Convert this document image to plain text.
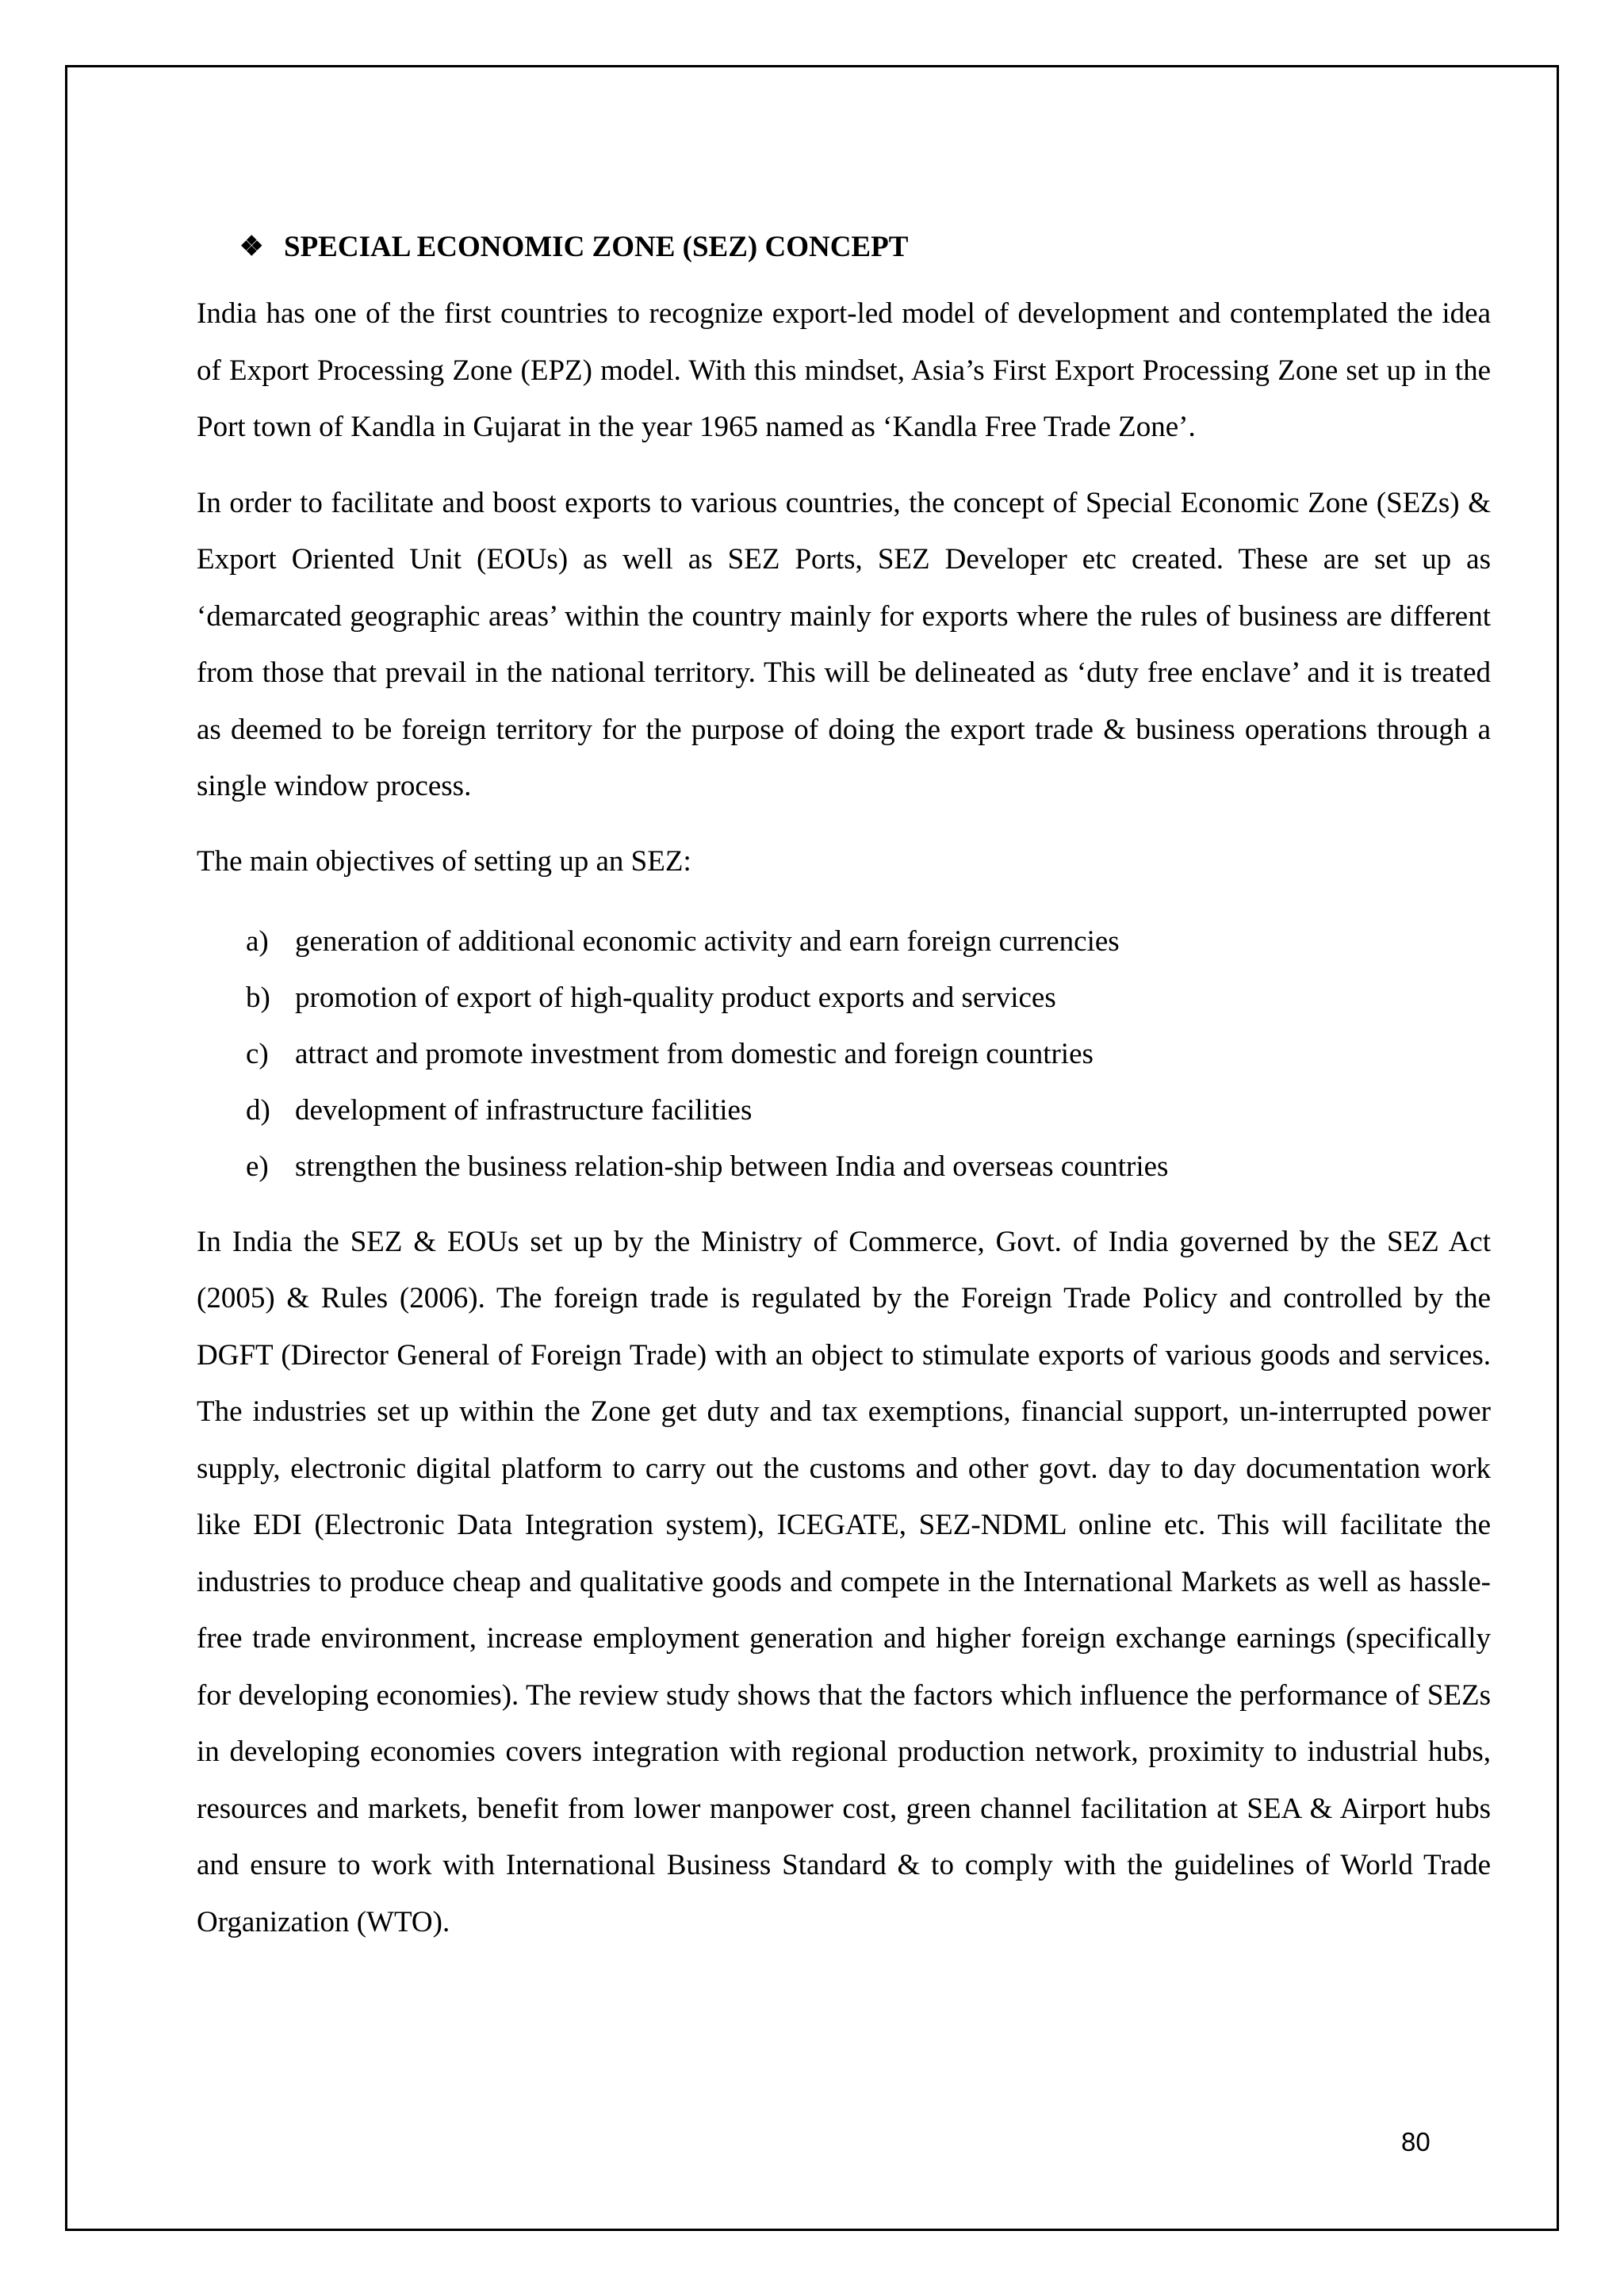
❖ SPECIAL ECONOMIC ZONE (SEZ) CONCEPT

India has one of the first countries to recognize export-led model of development and contemplated the idea of Export Processing Zone (EPZ) model. With this mindset, Asia’s First Export Processing Zone set up in the Port town of Kandla in Gujarat in the year 1965 named as ‘Kandla Free Trade Zone’.

In order to facilitate and boost exports to various countries, the concept of Special Economic Zone (SEZs) & Export Oriented Unit (EOUs) as well as SEZ Ports, SEZ Developer etc created. These are set up as ‘demarcated geographic areas’ within the country mainly for exports where the rules of business are different from those that prevail in the national territory. This will be delineated as ‘duty free enclave’ and it is treated as deemed to be foreign territory for the purpose of doing the export trade & business operations through a single window process.

The main objectives of setting up an SEZ:

a) generation of additional economic activity and earn foreign currencies
b) promotion of export of high-quality product exports and services
c) attract and promote investment from domestic and foreign countries
d) development of infrastructure facilities
e) strengthen the business relation-ship between India and overseas countries

In India the SEZ & EOUs set up by the Ministry of Commerce, Govt. of India governed by the SEZ Act (2005) & Rules (2006). The foreign trade is regulated by the Foreign Trade Policy and controlled by the DGFT (Director General of Foreign Trade) with an object to stimulate exports of various goods and services. The industries set up within the Zone get duty and tax exemptions, financial support, un-interrupted power supply, electronic digital platform to carry out the customs and other govt. day to day documentation work like EDI (Electronic Data Integration system), ICEGATE, SEZ-NDML online etc. This will facilitate the industries to produce cheap and qualitative goods and compete in the International Markets as well as hassle-free trade environment, increase employment generation and higher foreign exchange earnings (specifically for developing economies). The review study shows that the factors which influence the performance of SEZs in developing economies covers integration with regional production network, proximity to industrial hubs, resources and markets, benefit from lower manpower cost, green channel facilitation at SEA & Airport hubs and ensure to work with International Business Standard & to comply with the guidelines of World Trade Organization (WTO).

80
